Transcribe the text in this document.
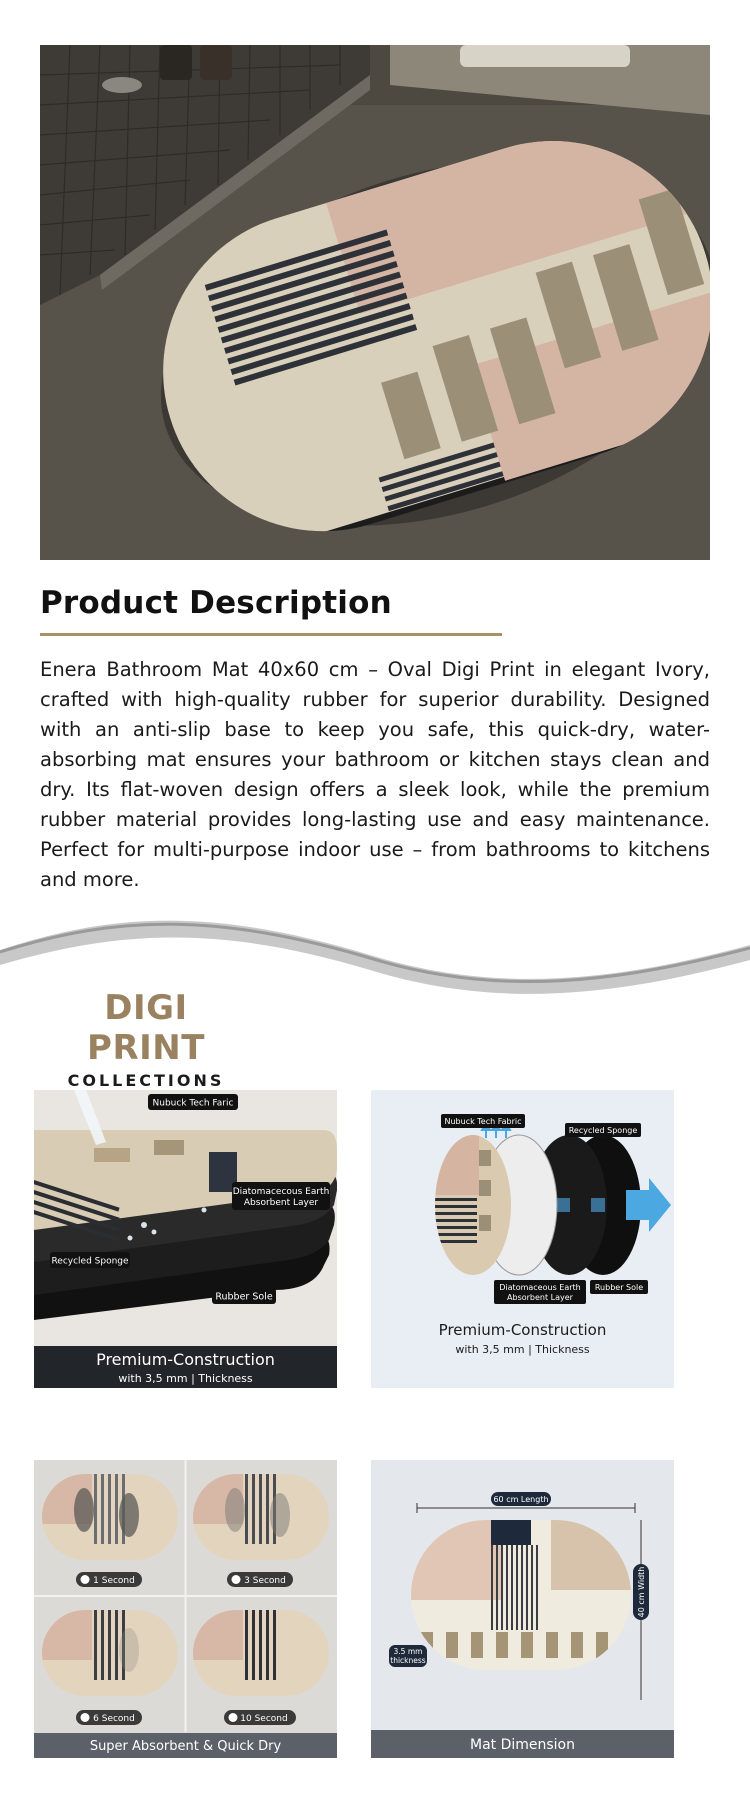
Product Description
Enera Bathroom Mat 40x60 cm – Oval Digi Print in elegant Ivory, crafted with high-quality rubber for superior durability. Designed with an anti-slip base to keep you safe, this quick-dry, water-absorbing mat ensures your bathroom or kitchen stays clean and dry. Its flat-woven design offers a sleek look, while the premium rubber material provides long-lasting use and easy maintenance. Perfect for multi-purpose indoor use – from bathrooms to kitchens and more.
DIGI PRINT
COLLECTIONS
Nubuck Tech Faric
Diatomacecous Earth
Absorbent Layer
Recycled Sponge
Rubber Sole
Premium-Construction
with 3,5 mm | Thickness
Nubuck Tech Fabric
Recycled Sponge
Diatomaceous Earth
Absorbent Layer
Rubber Sole
Premium-Construction
with 3,5 mm | Thickness
1 Second	3 Second
6 Second	10 Second
Super Absorbent & Quick Dry
60 cm Length
40 cm Width
3.5 mm
thickness
Mat Dimension
